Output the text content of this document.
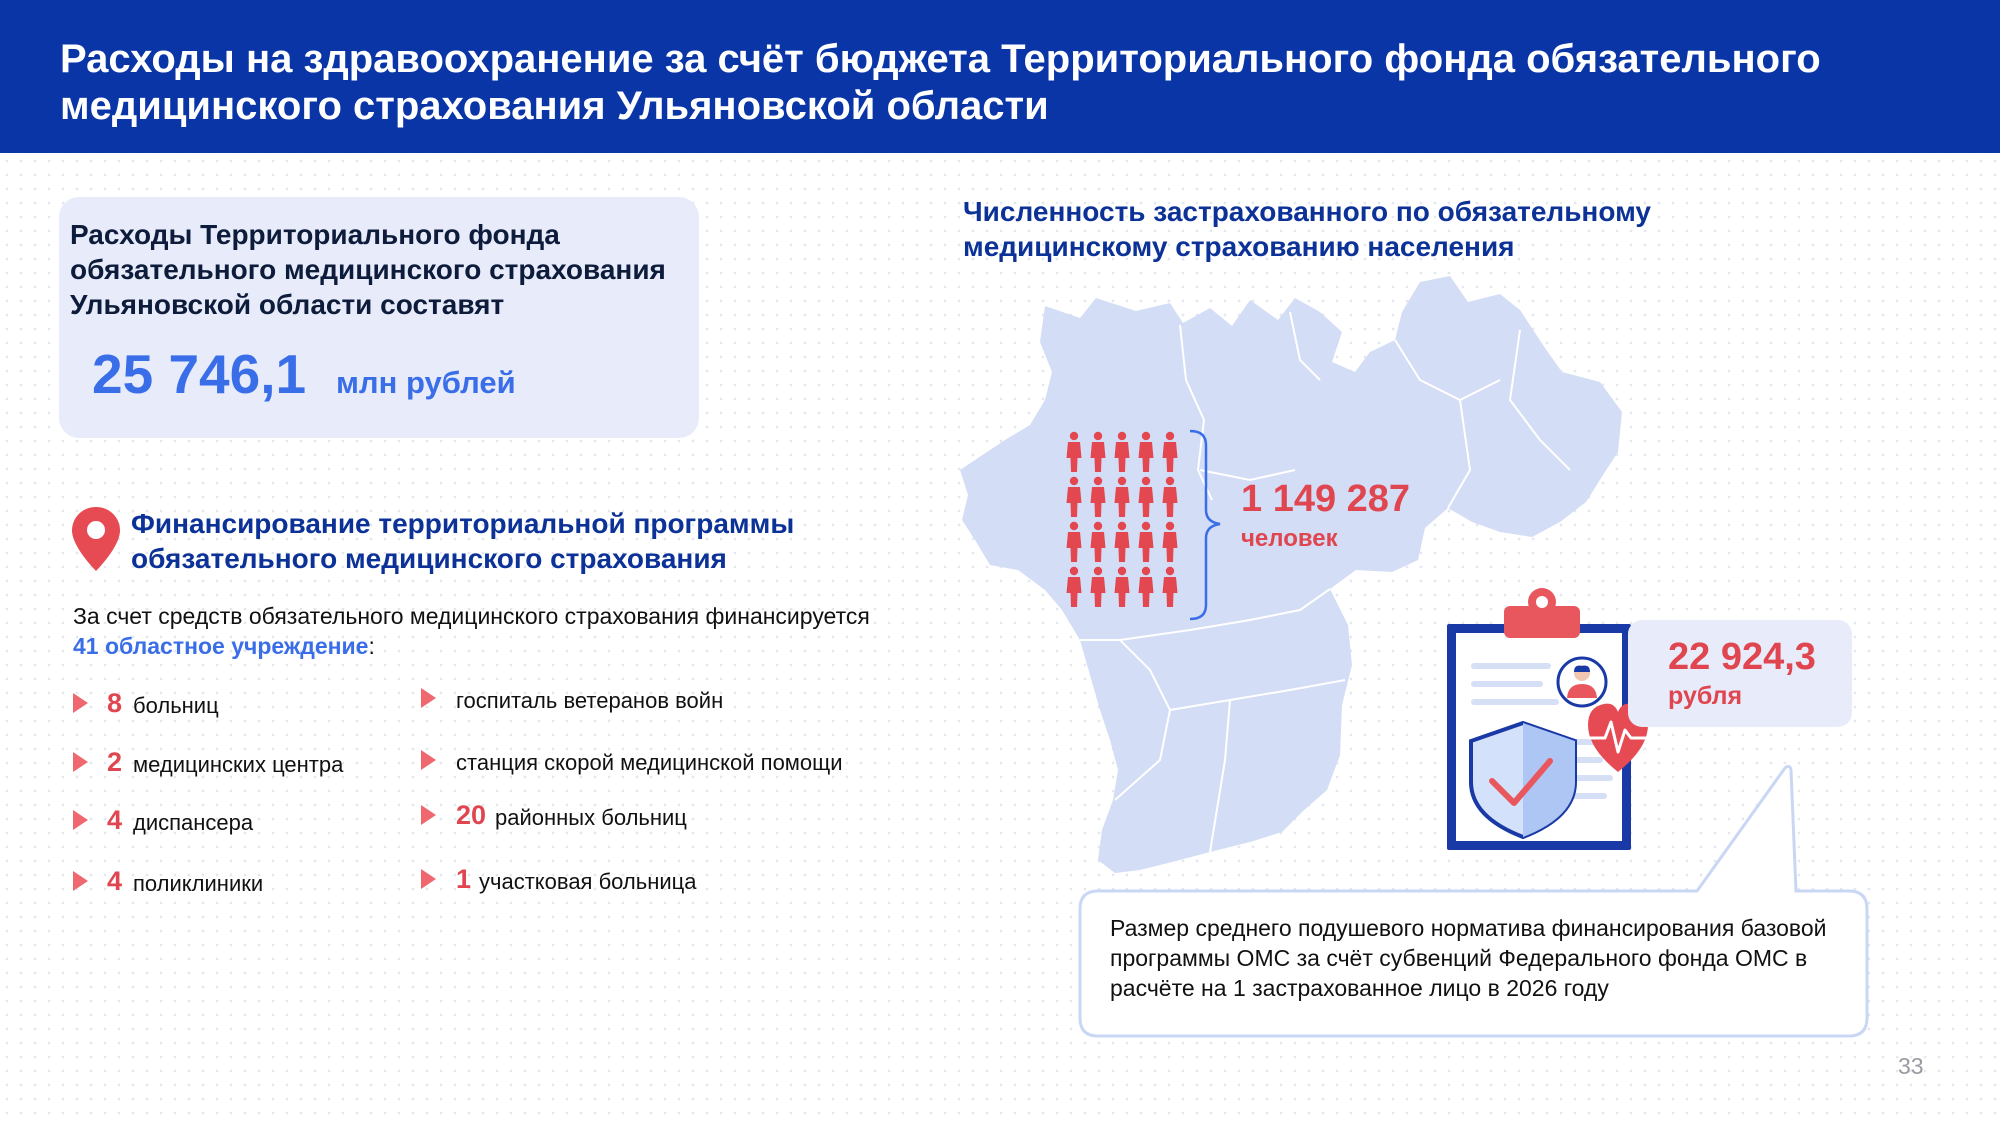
Расходы на здравоохранение за счёт бюджета Территориального фонда обязательного медицинского страхования Ульяновской области
Расходы Территориального фонда обязательного медицинского страхования Ульяновской области составят
25 746,1 млн рублей
Финансирование территориальной программы обязательного медицинского страхования
За счет средств обязательного медицинского страхования финансируется 41 областное учреждение:
8 больниц
2 медицинских центра
4 диспансера
4 поликлиники
госпиталь ветеранов войн
станция скорой медицинской помощи
20 районных больниц
1 участковая больница
Численность застрахованного по обязательному медицинскому страхованию населения
1 149 287
человек
22 924,3
рубля
Размер среднего подушевого норматива финансирования базовой программы ОМС за счёт субвенций Федерального фонда ОМС в расчёте на 1 застрахованное лицо в 2026 году
33
